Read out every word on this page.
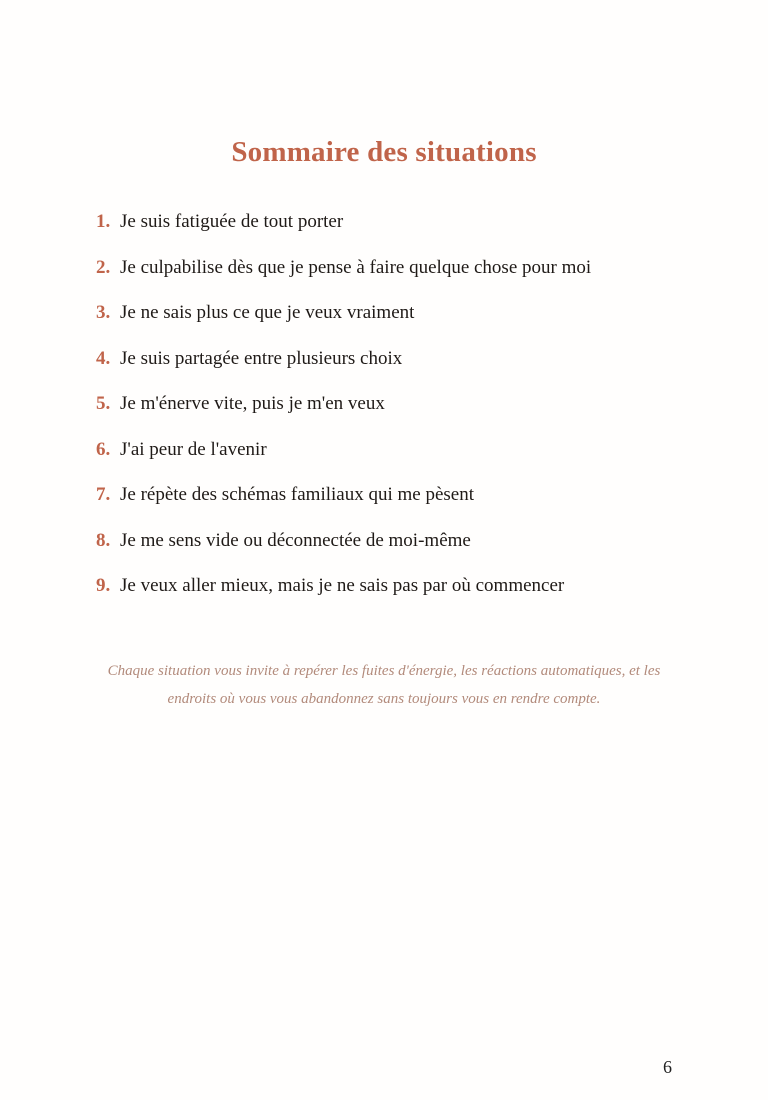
Sommaire des situations
1. Je suis fatiguée de tout porter
2. Je culpabilise dès que je pense à faire quelque chose pour moi
3. Je ne sais plus ce que je veux vraiment
4. Je suis partagée entre plusieurs choix
5. Je m'énerve vite, puis je m'en veux
6. J'ai peur de l'avenir
7. Je répète des schémas familiaux qui me pèsent
8. Je me sens vide ou déconnectée de moi-même
9. Je veux aller mieux, mais je ne sais pas par où commencer
Chaque situation vous invite à repérer les fuites d'énergie, les réactions automatiques, et les endroits où vous vous abandonnez sans toujours vous en rendre compte.
6
